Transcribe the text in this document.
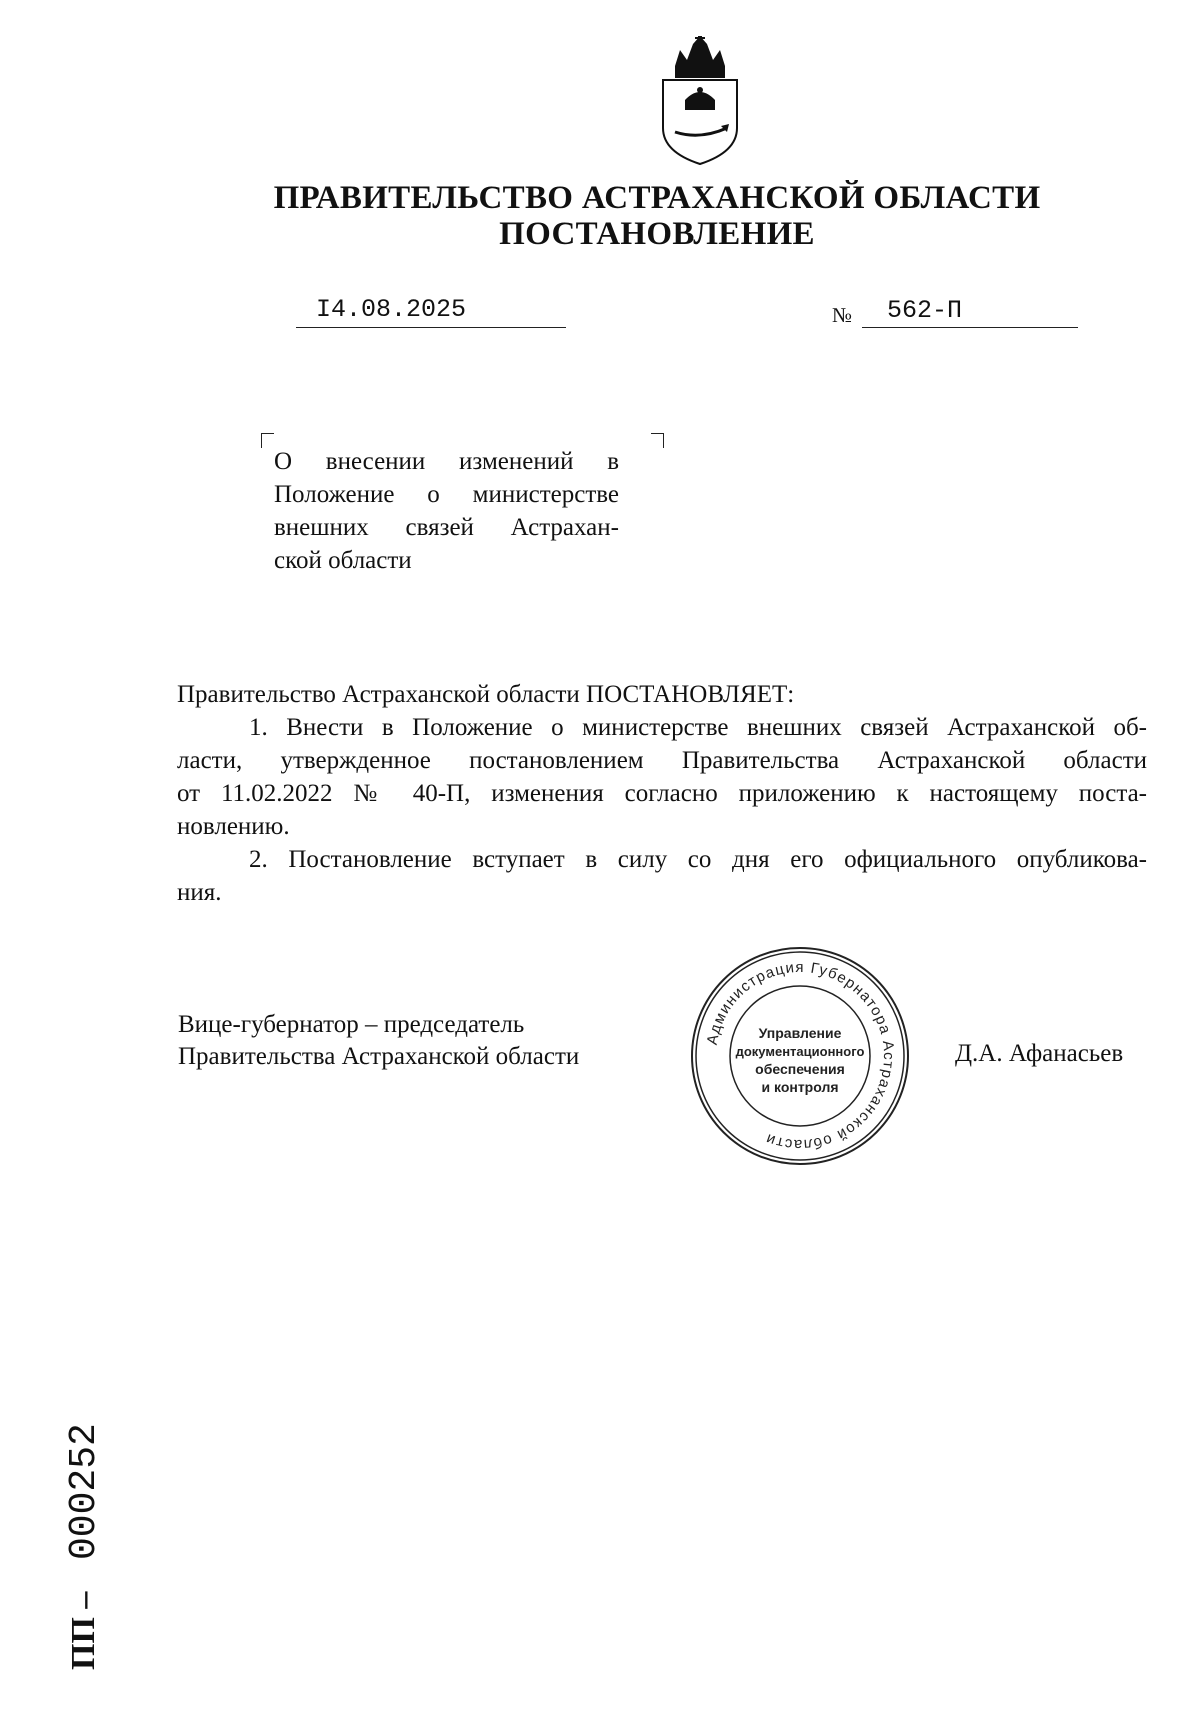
ПРАВИТЕЛЬСТВО АСТРАХАНСКОЙ ОБЛАСТИ
ПОСТАНОВЛЕНИЕ
I4.08.2025	№ 562-П
О внесении изменений в
Положение о министерстве
внешних связей Астрахан-
ской области
Правительство Астраханской области ПОСТАНОВЛЯЕТ:
1. Внести в Положение о министерстве внешних связей Астраханской об-
ласти, утвержденное постановлением Правительства Астраханской области
от 11.02.2022 № 40-П, изменения согласно приложению к настоящему поста-
новлению.
2. Постановление вступает в силу со дня его официального опубликова-
ния.
Вице-губернатор – председатель
Правительства Астраханской области	Д.А. Афанасьев
Администрация Губернатора Астраханской области
Управление
документационного
обеспечения
и контроля
ПП –
000252
